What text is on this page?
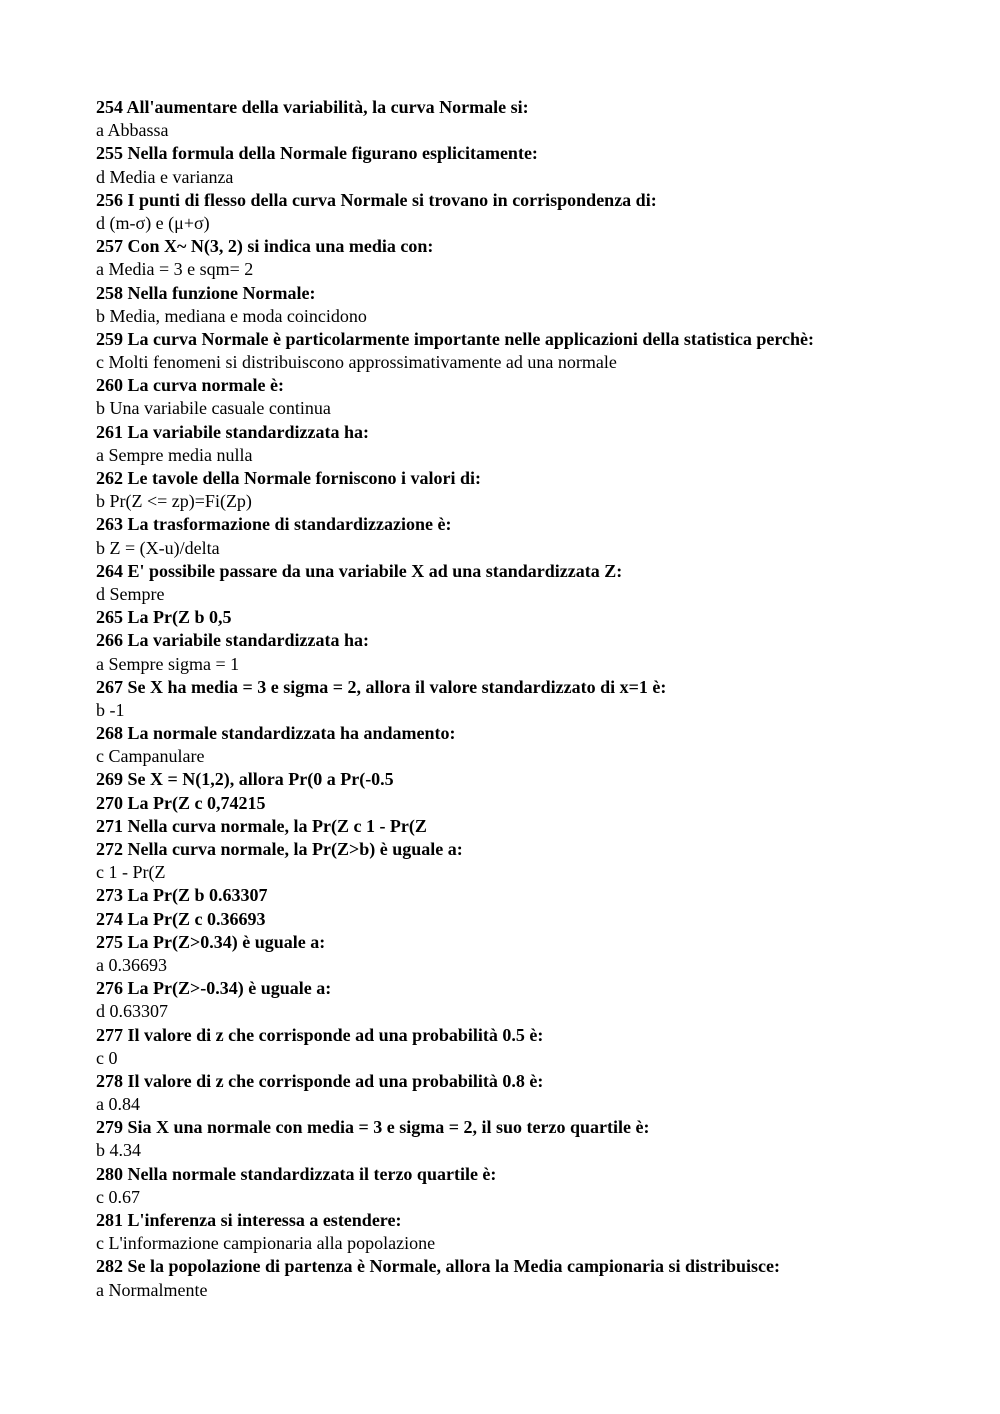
254 All'aumentare della variabilità, la curva Normale si:
a Abbassa
255 Nella formula della Normale figurano esplicitamente:
d Media e varianza
256 I punti di flesso della curva Normale si trovano in corrispondenza di:
d (m-σ) e (μ+σ)
257 Con X~ N(3, 2) si indica una media con:
a Media = 3 e sqm= 2
258 Nella funzione Normale:
b Media, mediana e moda coincidono
259 La curva Normale è particolarmente importante nelle applicazioni della statistica perchè:
c Molti fenomeni si distribuiscono approssimativamente ad una normale
260 La curva normale è:
b Una variabile casuale continua
261 La variabile standardizzata ha:
a Sempre media nulla
262 Le tavole della Normale forniscono i valori di:
b Pr(Z <= zp)=Fi(Zp)
263 La trasformazione di standardizzazione è:
b Z = (X-u)/delta
264 E' possibile passare da una variabile X ad una standardizzata Z:
d Sempre
265 La Pr(Z b 0,5
266 La variabile standardizzata ha:
a Sempre sigma = 1
267 Se X ha media = 3 e sigma = 2, allora il valore standardizzato di x=1 è:
b -1
268 La normale standardizzata ha andamento:
c Campanulare
269 Se X = N(1,2), allora Pr(0 a Pr(-0.5
270 La Pr(Z c 0,74215
271 Nella curva normale, la Pr(Z c 1 - Pr(Z
272 Nella curva normale, la Pr(Z>b) è uguale a:
c 1 - Pr(Z
273 La Pr(Z b 0.63307
274 La Pr(Z c 0.36693
275 La Pr(Z>0.34) è uguale a:
a 0.36693
276 La Pr(Z>-0.34) è uguale a:
d 0.63307
277 Il valore di z che corrisponde ad una probabilità 0.5 è:
c 0
278 Il valore di z che corrisponde ad una probabilità 0.8 è:
a 0.84
279 Sia X una normale con media = 3 e sigma = 2, il suo terzo quartile è:
b 4.34
280 Nella normale standardizzata il terzo quartile è:
c 0.67
281 L'inferenza si interessa a estendere:
c L'informazione campionaria alla popolazione
282 Se la popolazione di partenza è Normale, allora la Media campionaria si distribuisce:
a Normalmente
